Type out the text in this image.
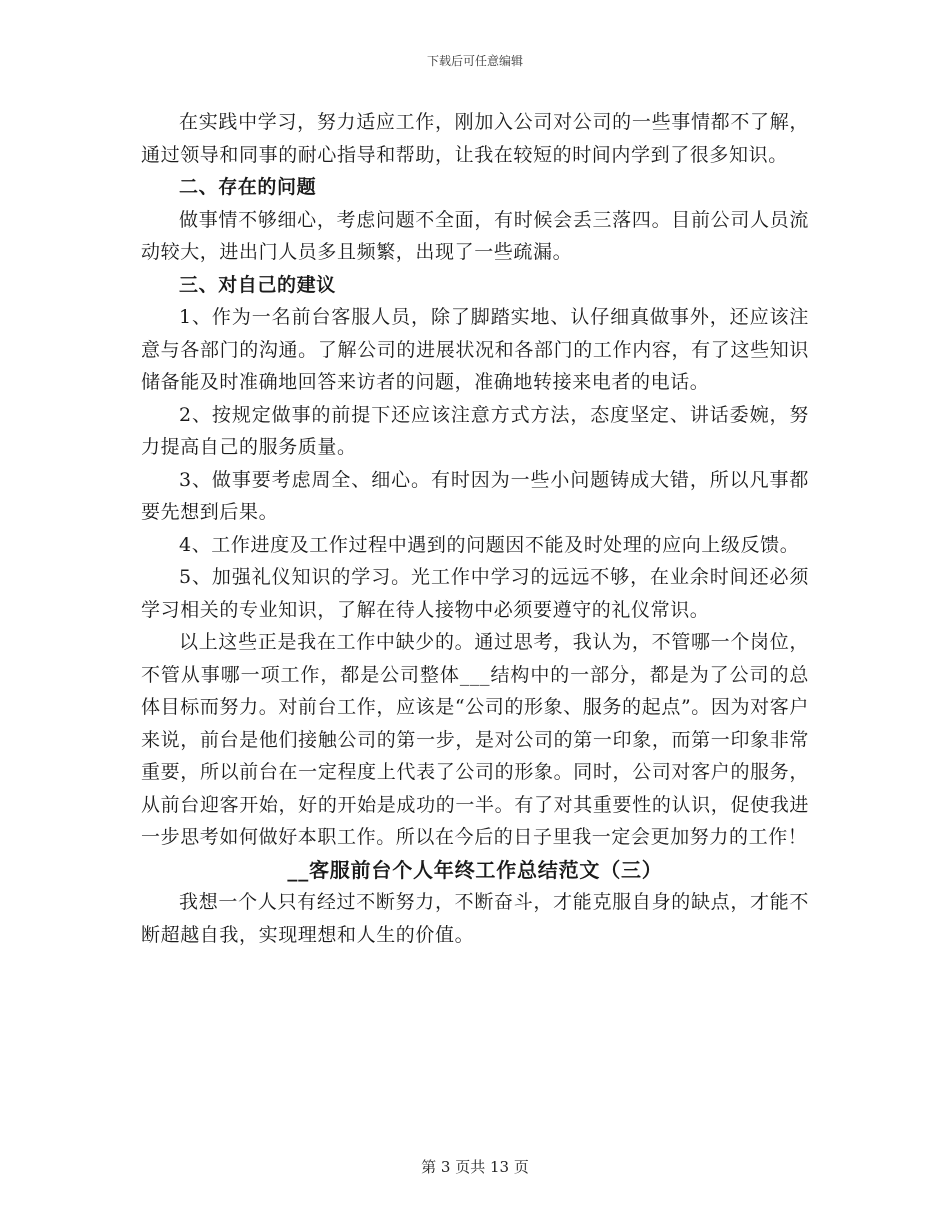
下载后可任意编辑

在实践中学习，努力适应工作，刚加入公司对公司的一些事情都不了解，通过领导和同事的耐心指导和帮助，让我在较短的时间内学到了很多知识。

二、存在的问题

做事情不够细心，考虑问题不全面，有时候会丢三落四。目前公司人员流动较大，进出门人员多且频繁，出现了一些疏漏。

三、对自己的建议

1、作为一名前台客服人员，除了脚踏实地、认仔细真做事外，还应该注意与各部门的沟通。了解公司的进展状况和各部门的工作内容，有了这些知识储备能及时准确地回答来访者的问题，准确地转接来电者的电话。

2、按规定做事的前提下还应该注意方式方法，态度坚定、讲话委婉，努力提高自己的服务质量。

3、做事要考虑周全、细心。有时因为一些小问题铸成大错，所以凡事都要先想到后果。

4、工作进度及工作过程中遇到的问题因不能及时处理的应向上级反馈。

5、加强礼仪知识的学习。光工作中学习的远远不够，在业余时间还必须学习相关的专业知识，了解在待人接物中必须要遵守的礼仪常识。

以上这些正是我在工作中缺少的。通过思考，我认为，不管哪一个岗位，不管从事哪一项工作，都是公司整体___结构中的一部分，都是为了公司的总体目标而努力。对前台工作，应该是“公司的形象、服务的起点”。因为对客户来说，前台是他们接触公司的第一步，是对公司的第一印象，而第一印象非常重要，所以前台在一定程度上代表了公司的形象。同时，公司对客户的服务，从前台迎客开始，好的开始是成功的一半。有了对其重要性的认识，促使我进一步思考如何做好本职工作。所以在今后的日子里我一定会更加努力的工作！

__客服前台个人年终工作总结范文（三）

我想一个人只有经过不断努力，不断奋斗，才能克服自身的缺点，才能不断超越自我，实现理想和人生的价值。

第 3 页共 13 页
